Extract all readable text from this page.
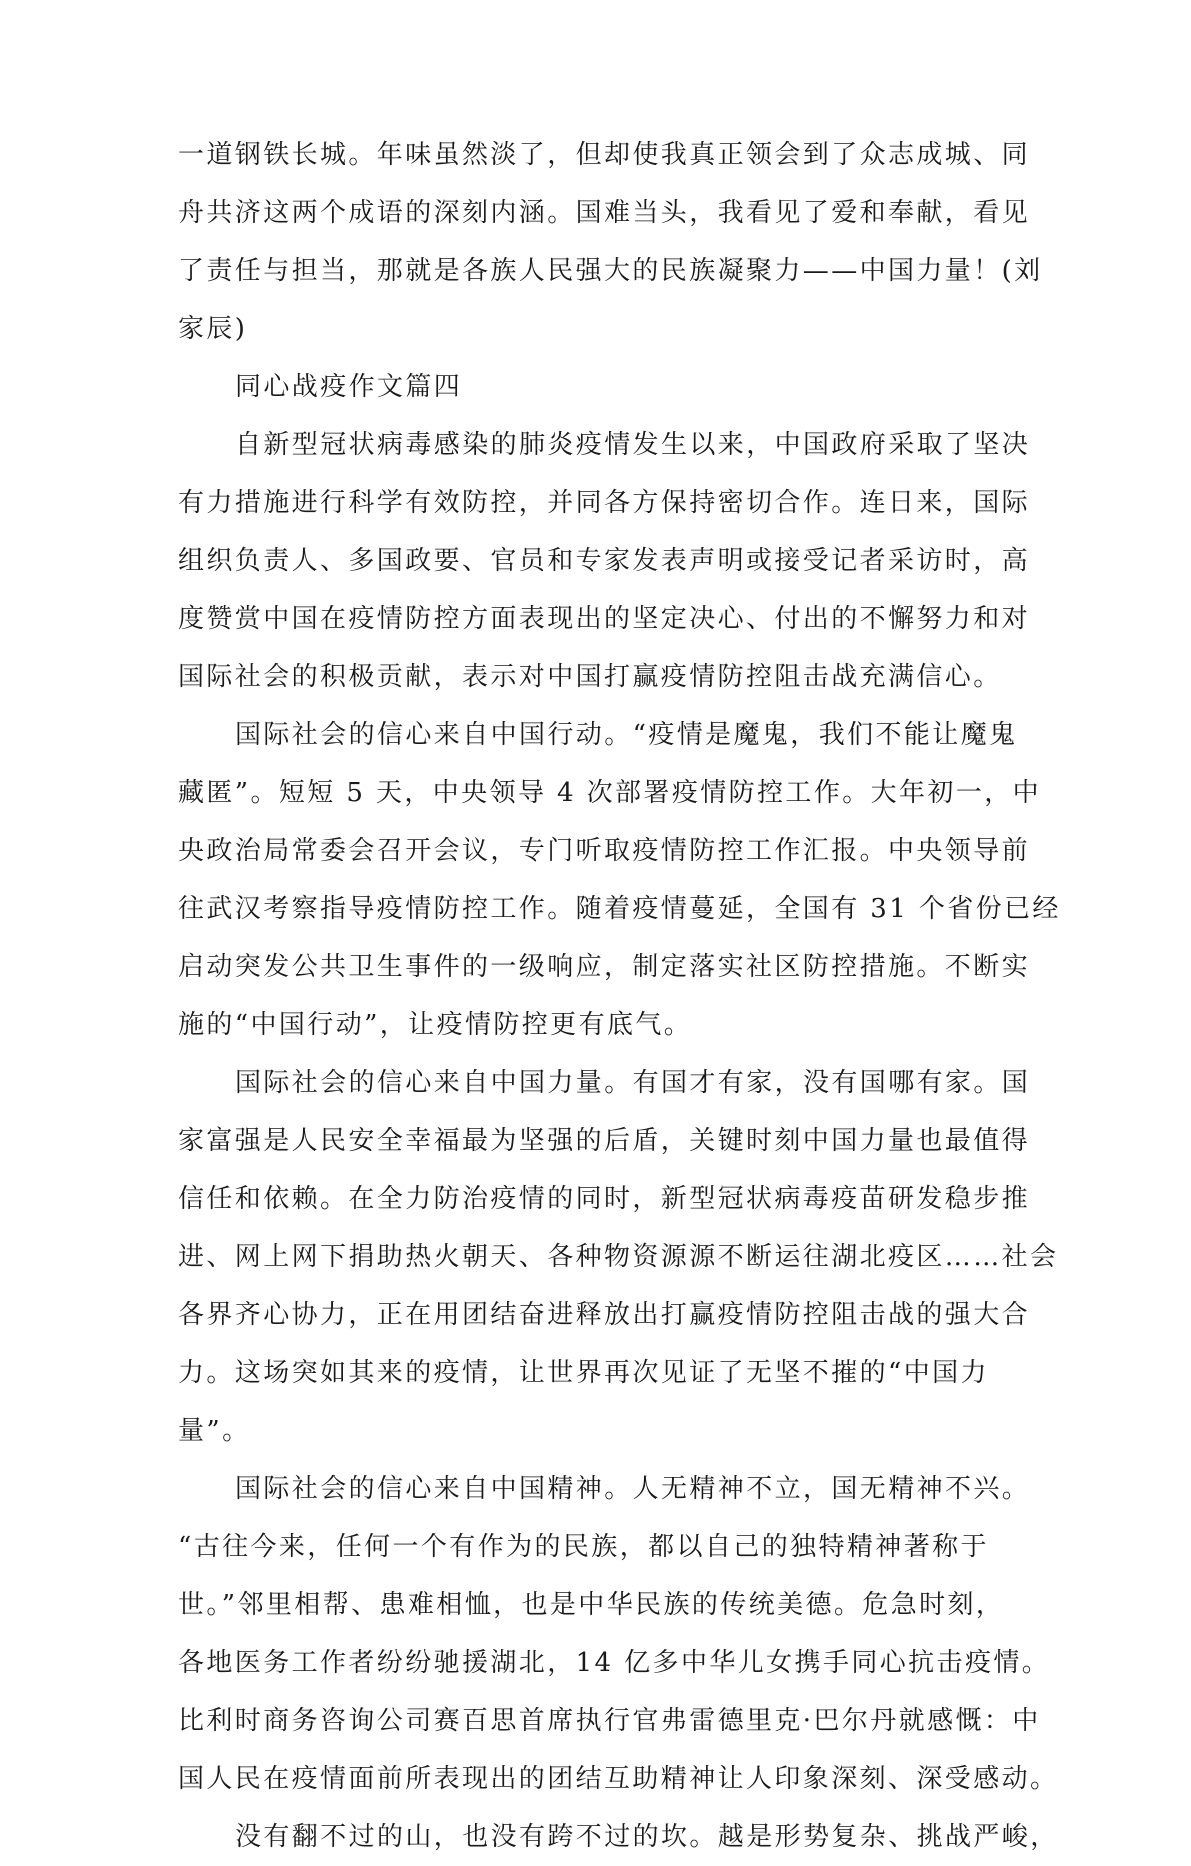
一道钢铁长城。年味虽然淡了，但却使我真正领会到了众志成城、同
舟共济这两个成语的深刻内涵。国难当头，我看见了爱和奉献，看见
了责任与担当，那就是各族人民强大的民族凝聚力——中国力量！(刘
家辰)
同心战疫作文篇四
自新型冠状病毒感染的肺炎疫情发生以来，中国政府采取了坚决
有力措施进行科学有效防控，并同各方保持密切合作。连日来，国际
组织负责人、多国政要、官员和专家发表声明或接受记者采访时，高
度赞赏中国在疫情防控方面表现出的坚定决心、付出的不懈努力和对
国际社会的积极贡献，表示对中国打赢疫情防控阻击战充满信心。
国际社会的信心来自中国行动。“疫情是魔鬼，我们不能让魔鬼
藏匿”。短短 5 天，中央领导 4 次部署疫情防控工作。大年初一，中
央政治局常委会召开会议，专门听取疫情防控工作汇报。中央领导前
往武汉考察指导疫情防控工作。随着疫情蔓延，全国有 31 个省份已经
启动突发公共卫生事件的一级响应，制定落实社区防控措施。不断实
施的“中国行动”，让疫情防控更有底气。
国际社会的信心来自中国力量。有国才有家，没有国哪有家。国
家富强是人民安全幸福最为坚强的后盾，关键时刻中国力量也最值得
信任和依赖。在全力防治疫情的同时，新型冠状病毒疫苗研发稳步推
进、网上网下捐助热火朝天、各种物资源源不断运往湖北疫区……社会
各界齐心协力，正在用团结奋进释放出打赢疫情防控阻击战的强大合
力。这场突如其来的疫情，让世界再次见证了无坚不摧的“中国力
量”。
国际社会的信心来自中国精神。人无精神不立，国无精神不兴。
“古往今来，任何一个有作为的民族，都以自己的独特精神著称于
世。”邻里相帮、患难相恤，也是中华民族的传统美德。危急时刻，
各地医务工作者纷纷驰援湖北，14 亿多中华儿女携手同心抗击疫情。
比利时商务咨询公司赛百思首席执行官弗雷德里克·巴尔丹就感慨：中
国人民在疫情面前所表现出的团结互助精神让人印象深刻、深受感动。
没有翻不过的山，也没有跨不过的坎。越是形势复杂、挑战严峻，
